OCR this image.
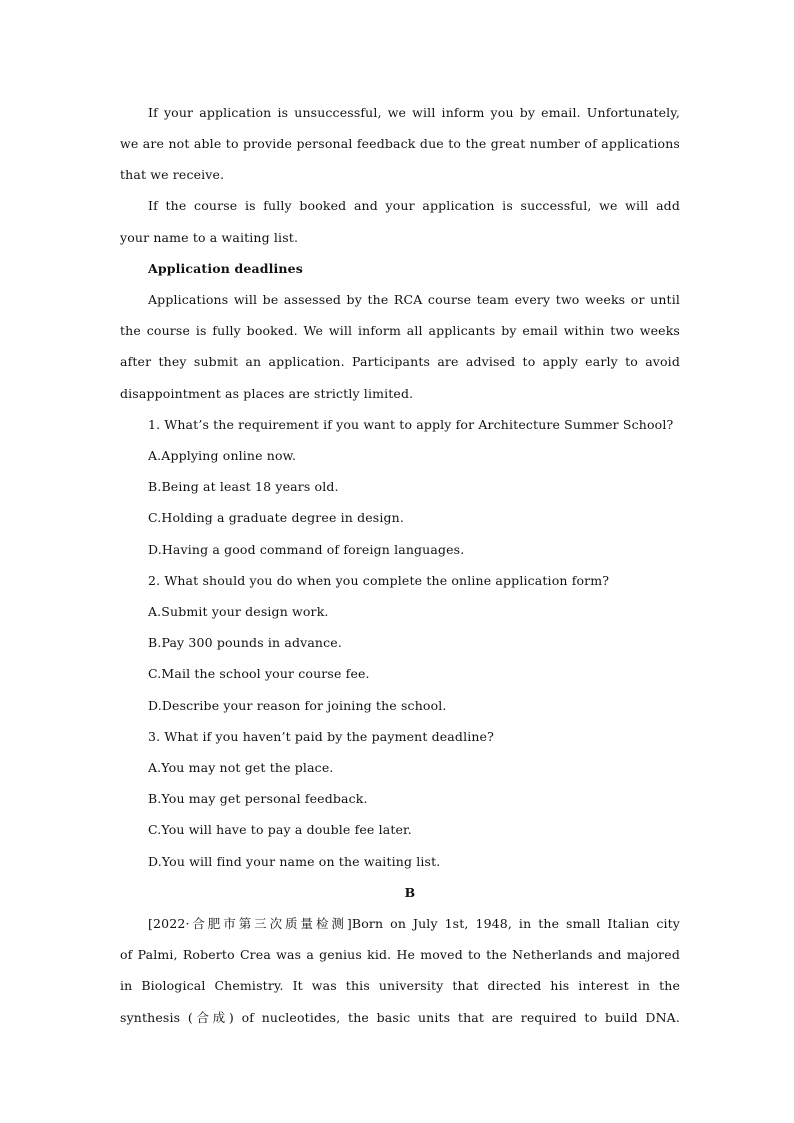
If your application is unsuccessful, we will inform you by email. Unfortunately,
we are not able to provide personal feedback due to the great number of applications
that we receive.
If the course is fully booked and your application is successful, we will add
your name to a waiting list.
Application deadlines
Applications will be assessed by the RCA course team every two weeks or until
the course is fully booked. We will inform all applicants by email within two weeks
after they submit an application. Participants are advised to apply early to avoid
disappointment as places are strictly limited.
1. What’s the requirement if you want to apply for Architecture Summer School?
A.Applying online now.
B.Being at least 18 years old.
C.Holding a graduate degree in design.
D.Having a good command of foreign languages.
2. What should you do when you complete the online application form?
A.Submit your design work.
B.Pay 300 pounds in advance.
C.Mail the school your course fee.
D.Describe your reason for joining the school.
3. What if you haven’t paid by the payment deadline?
A.You may not get the place.
B.You may get personal feedback.
C.You will have to pay a double fee later.
D.You will find your name on the waiting list.
B
[2022·合肥市第三次质量检测]Born on July 1st, 1948, in the small Italian city
of Palmi, Roberto Crea was a genius kid. He moved to the Netherlands and majored
in Biological Chemistry. It was this university that directed his interest in the
synthesis (合成) of nucleotides, the basic units that are required to build DNA.
